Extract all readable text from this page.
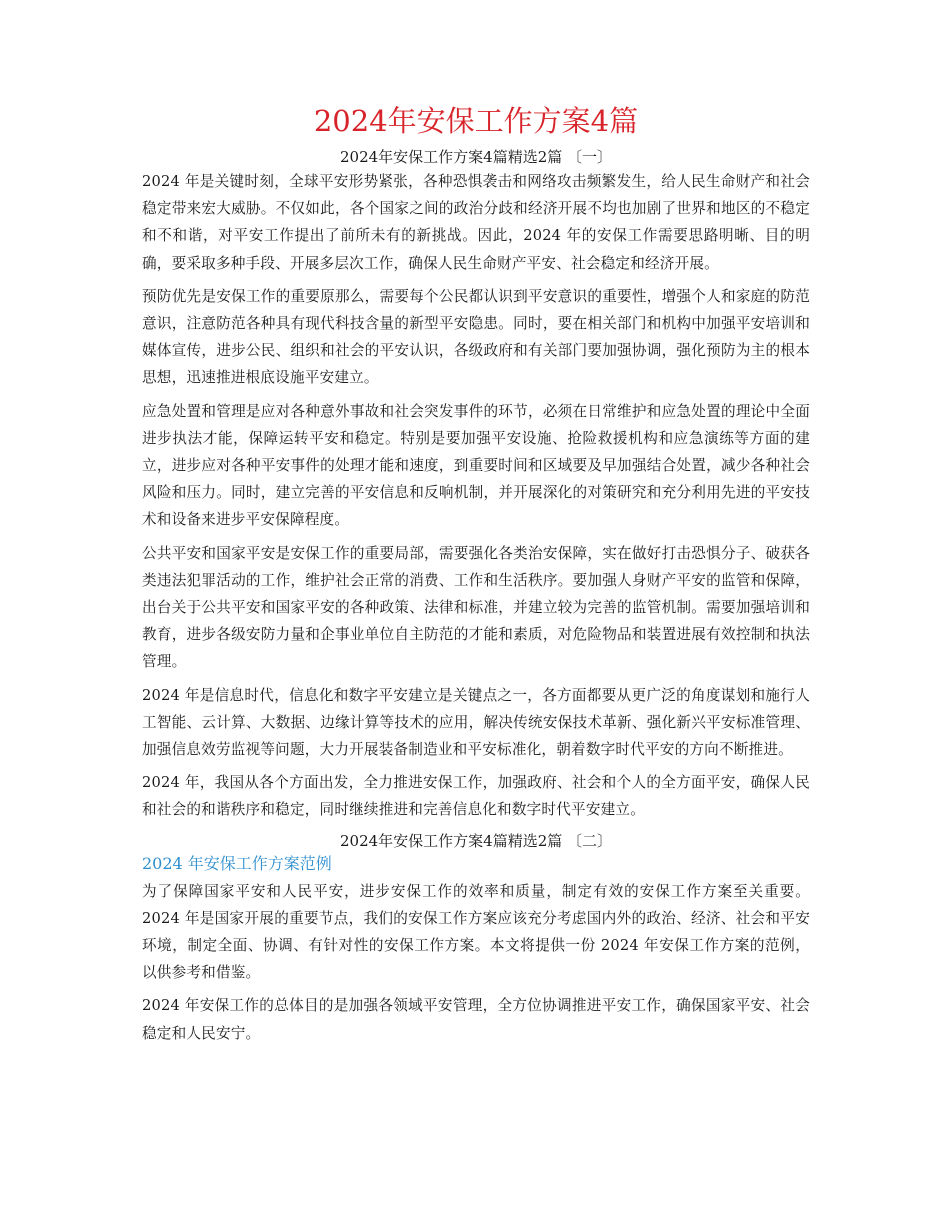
2024年安保工作方案4篇
2024年安保工作方案4篇精选2篇 〔一〕

2024 年是关键时刻，全球平安形势紧张，各种恐惧袭击和网络攻击频繁发生，给人民生命财产和社会稳定带来宏大威胁。不仅如此，各个国家之间的政治分歧和经济开展不均也加剧了世界和地区的不稳定和不和谐，对平安工作提出了前所未有的新挑战。因此，2024 年的安保工作需要思路明晰、目的明确，要采取多种手段、开展多层次工作，确保人民生命财产平安、社会稳定和经济开展。

预防优先是安保工作的重要原那么，需要每个公民都认识到平安意识的重要性，增强个人和家庭的防范意识，注意防范各种具有现代科技含量的新型平安隐患。同时，要在相关部门和机构中加强平安培训和媒体宣传，进步公民、组织和社会的平安认识，各级政府和有关部门要加强协调，强化预防为主的根本思想，迅速推进根底设施平安建立。

应急处置和管理是应对各种意外事故和社会突发事件的环节，必须在日常维护和应急处置的理论中全面进步执法才能，保障运转平安和稳定。特别是要加强平安设施、抢险救援机构和应急演练等方面的建立，进步应对各种平安事件的处理才能和速度，到重要时间和区域要及早加强结合处置，减少各种社会风险和压力。同时，建立完善的平安信息和反响机制，并开展深化的对策研究和充分利用先进的平安技术和设备来进步平安保障程度。

公共平安和国家平安是安保工作的重要局部，需要强化各类治安保障，实在做好打击恐惧分子、破获各类违法犯罪活动的工作，维护社会正常的消费、工作和生活秩序。要加强人身财产平安的监管和保障，出台关于公共平安和国家平安的各种政策、法律和标准，并建立较为完善的监管机制。需要加强培训和教育，进步各级安防力量和企事业单位自主防范的才能和素质，对危险物品和装置进展有效控制和执法管理。

2024 年是信息时代，信息化和数字平安建立是关键点之一，各方面都要从更广泛的角度谋划和施行人工智能、云计算、大数据、边缘计算等技术的应用，解决传统安保技术革新、强化新兴平安标准管理、加强信息效劳监视等问题，大力开展装备制造业和平安标准化，朝着数字时代平安的方向不断推进。

2024 年，我国从各个方面出发，全力推进安保工作，加强政府、社会和个人的全方面平安，确保人民和社会的和谐秩序和稳定，同时继续推进和完善信息化和数字时代平安建立。

2024年安保工作方案4篇精选2篇 〔二〕
2024 年安保工作方案范例

为了保障国家平安和人民平安，进步安保工作的效率和质量，制定有效的安保工作方案至关重要。2024 年是国家开展的重要节点，我们的安保工作方案应该充分考虑国内外的政治、经济、社会和平安环境，制定全面、协调、有针对性的安保工作方案。本文将提供一份 2024 年安保工作方案的范例，以供参考和借鉴。

2024 年安保工作的总体目的是加强各领域平安管理，全方位协调推进平安工作，确保国家平安、社会稳定和人民安宁。
